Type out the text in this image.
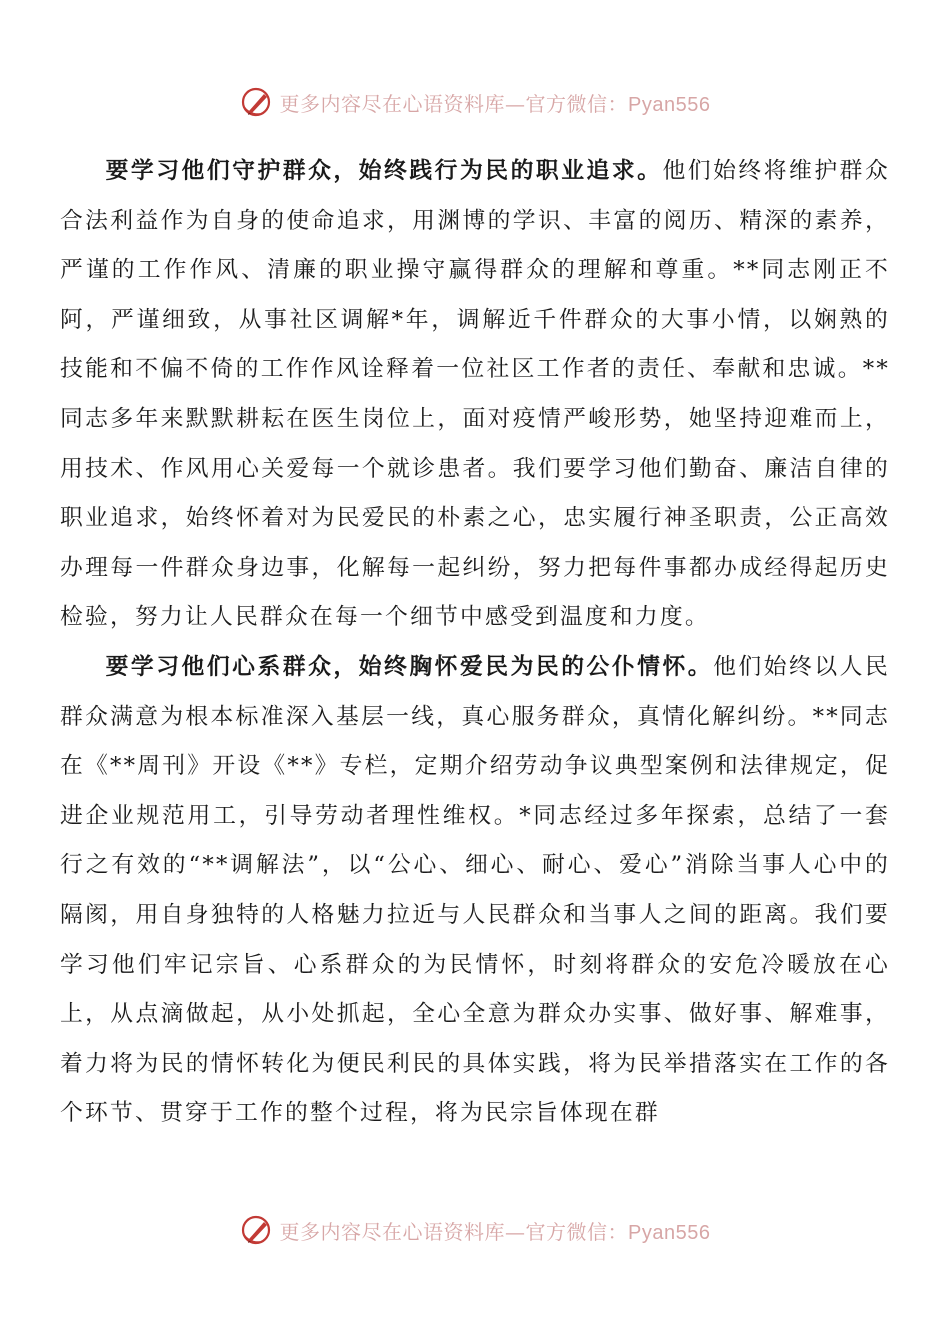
更多内容尽在心语资料库—官方微信：Pyan556

要学习他们守护群众，始终践行为民的职业追求。他们始终将维护群众合法利益作为自身的使命追求，用渊博的学识、丰富的阅历、精深的素养，严谨的工作作风、清廉的职业操守赢得群众的理解和尊重。**同志刚正不阿，严谨细致，从事社区调解*年，调解近千件群众的大事小情，以娴熟的技能和不偏不倚的工作作风诠释着一位社区工作者的责任、奉献和忠诚。**同志多年来默默耕耘在医生岗位上，面对疫情严峻形势，她坚持迎难而上，用技术、作风用心关爱每一个就诊患者。我们要学习他们勤奋、廉洁自律的职业追求，始终怀着对为民爱民的朴素之心，忠实履行神圣职责，公正高效办理每一件群众身边事，化解每一起纠纷，努力把每件事都办成经得起历史检验，努力让人民群众在每一个细节中感受到温度和力度。

要学习他们心系群众，始终胸怀爱民为民的公仆情怀。他们始终以人民群众满意为根本标准深入基层一线，真心服务群众，真情化解纠纷。**同志在《**周刊》开设《**》专栏，定期介绍劳动争议典型案例和法律规定，促进企业规范用工，引导劳动者理性维权。*同志经过多年探索，总结了一套行之有效的“**调解法”，以“公心、细心、耐心、爱心”消除当事人心中的隔阂，用自身独特的人格魅力拉近与人民群众和当事人之间的距离。我们要学习他们牢记宗旨、心系群众的为民情怀，时刻将群众的安危冷暖放在心上，从点滴做起，从小处抓起，全心全意为群众办实事、做好事、解难事，着力将为民的情怀转化为便民利民的具体实践，将为民举措落实在工作的各个环节、贯穿于工作的整个过程，将为民宗旨体现在群

更多内容尽在心语资料库—官方微信：Pyan556
